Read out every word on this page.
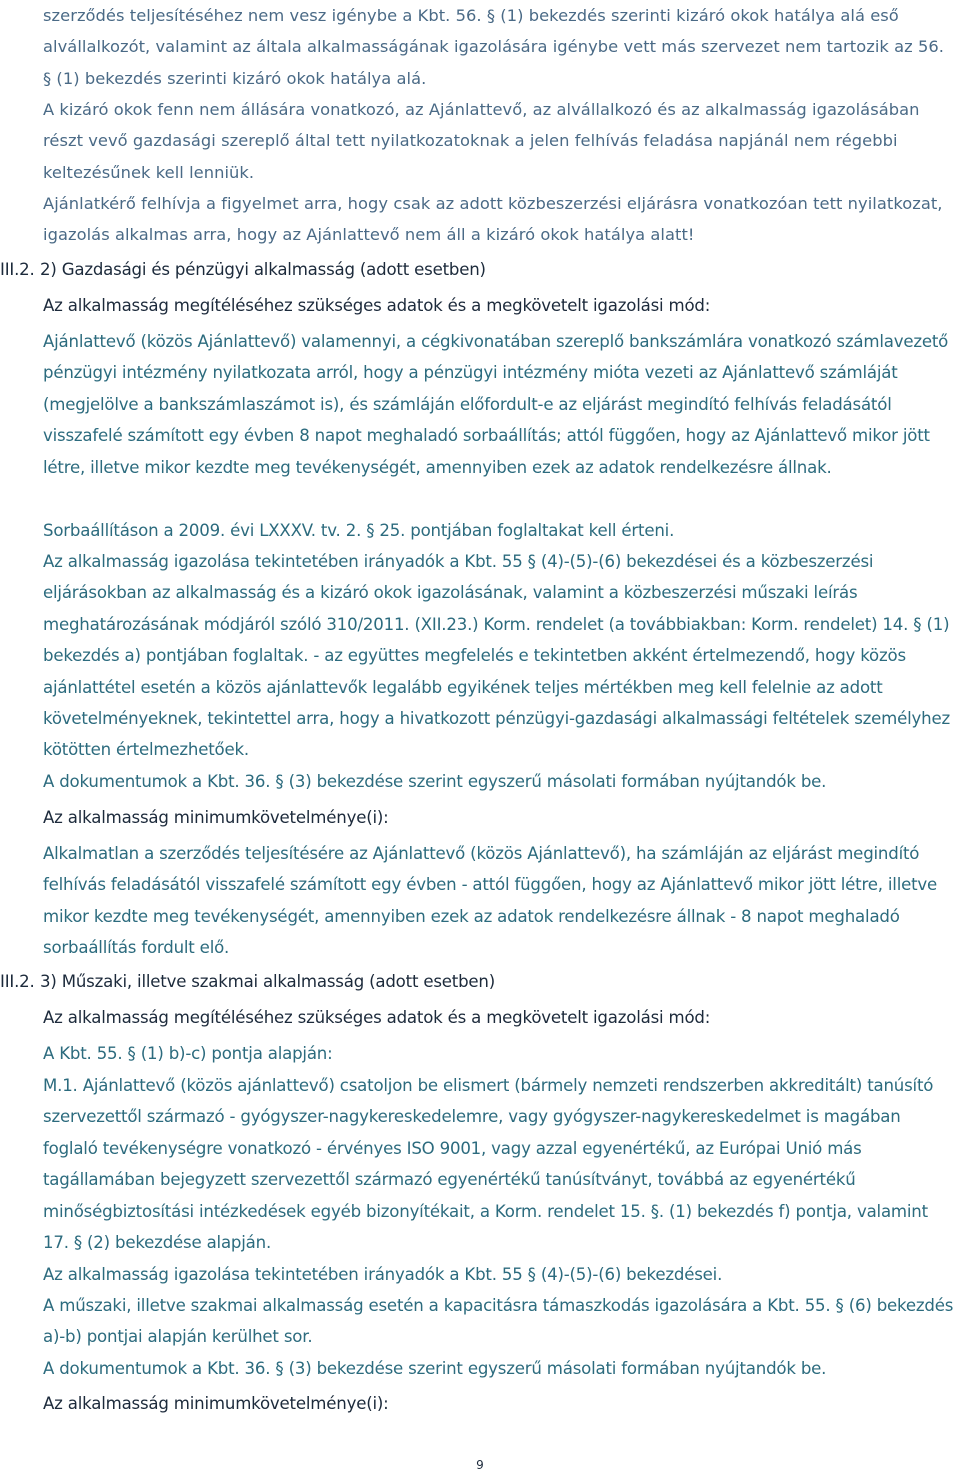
szerződés teljesítéséhez nem vesz igénybe a Kbt. 56. § (1) bekezdés szerinti kizáró okok hatálya alá eső alvállalkozót, valamint az általa alkalmasságának igazolására igénybe vett más szervezet nem tartozik az 56. § (1) bekezdés szerinti kizáró okok hatálya alá.

A kizáró okok fenn nem állására vonatkozó, az Ajánlattevő, az alvállalkozó és az alkalmasság igazolásában részt vevő gazdasági szereplő által tett nyilatkozatoknak a jelen felhívás feladása napjánál nem régebbi keltezésűnek kell lenniük.

Ajánlatkérő felhívja a figyelmet arra, hogy csak az adott közbeszerzési eljárásra vonatkozóan tett nyilatkozat, igazolás alkalmas arra, hogy az Ajánlattevő nem áll a kizáró okok hatálya alatt!

III.2. 2) Gazdasági és pénzügyi alkalmasság (adott esetben)

Az alkalmasság megítéléséhez szükséges adatok és a megkövetelt igazolási mód:

Ajánlattevő (közös Ajánlattevő) valamennyi, a cégkivonatában szereplő bankszámlára vonatkozó számlavezető pénzügyi intézmény nyilatkozata arról, hogy a pénzügyi intézmény mióta vezeti az Ajánlattevő számláját (megjelölve a bankszámlaszámot is), és számláján előfordult-e az eljárást megindító felhívás feladásától visszafelé számított egy évben 8 napot meghaladó sorbaállítás; attól függően, hogy az Ajánlattevő mikor jött létre, illetve mikor kezdte meg tevékenységét, amennyiben ezek az adatok rendelkezésre állnak.

Sorbaállításon a 2009. évi LXXXV. tv. 2. § 25. pontjában foglaltakat kell érteni.

Az alkalmasság igazolása tekintetében irányadók a Kbt. 55 § (4)-(5)-(6) bekezdései és a közbeszerzési eljárásokban az alkalmasság és a kizáró okok igazolásának, valamint a közbeszerzési műszaki leírás meghatározásának módjáról szóló 310/2011. (XII.23.) Korm. rendelet (a továbbiakban: Korm. rendelet) 14. § (1) bekezdés a) pontjában foglaltak. - az együttes megfelelés e tekintetben akként értelmezendő, hogy közös ajánlattétel esetén a közös ajánlattevők legalább egyikének teljes mértékben meg kell felelnie az adott követelményeknek, tekintettel arra, hogy a hivatkozott pénzügyi-gazdasági alkalmassági feltételek személyhez kötötten értelmezhetőek.

A dokumentumok a Kbt. 36. § (3) bekezdése szerint egyszerű másolati formában nyújtandók be.

Az alkalmasság minimumkövetelménye(i):

Alkalmatlan a szerződés teljesítésére az Ajánlattevő (közös Ajánlattevő), ha számláján az eljárást megindító felhívás feladásától visszafelé számított egy évben - attól függően, hogy az Ajánlattevő mikor jött létre, illetve mikor kezdte meg tevékenységét, amennyiben ezek az adatok rendelkezésre állnak - 8 napot meghaladó sorbaállítás fordult elő.

III.2. 3) Műszaki, illetve szakmai alkalmasság (adott esetben)

Az alkalmasság megítéléséhez szükséges adatok és a megkövetelt igazolási mód:

A Kbt. 55. § (1) b)-c) pontja alapján:

M.1. Ajánlattevő (közös ajánlattevő) csatoljon be elismert (bármely nemzeti rendszerben akkreditált) tanúsító szervezettől származó - gyógyszer-nagykereskedelemre, vagy gyógyszer-nagykereskedelmet is magában foglaló tevékenységre vonatkozó - érvényes ISO 9001, vagy azzal egyenértékű, az Európai Unió más tagállamában bejegyzett szervezettől származó egyenértékű tanúsítványt, továbbá az egyenértékű minőségbiztosítási intézkedések egyéb bizonyítékait, a Korm. rendelet 15. §. (1) bekezdés f) pontja, valamint 17. § (2) bekezdése alapján.

Az alkalmasság igazolása tekintetében irányadók a Kbt. 55 § (4)-(5)-(6) bekezdései.

A műszaki, illetve szakmai alkalmasság esetén a kapacitásra támaszkodás igazolására a Kbt. 55. § (6) bekezdés a)-b) pontjai alapján kerülhet sor.

A dokumentumok a Kbt. 36. § (3) bekezdése szerint egyszerű másolati formában nyújtandók be.

Az alkalmasság minimumkövetelménye(i):

9
